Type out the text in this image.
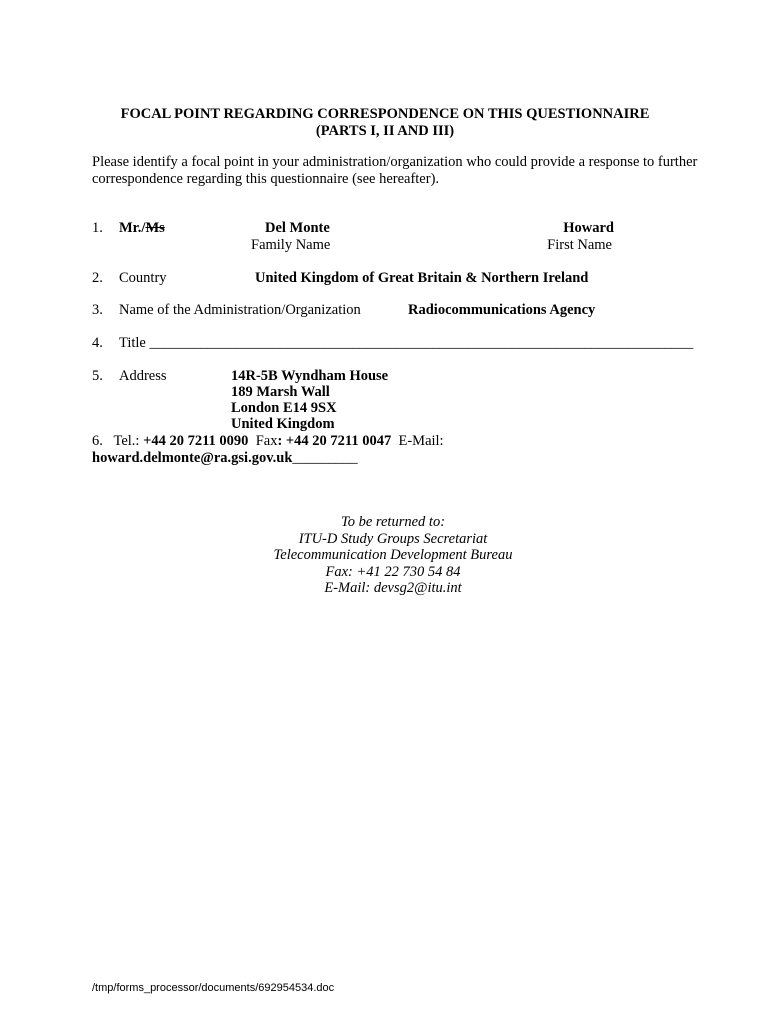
FOCAL POINT REGARDING CORRESPONDENCE ON THIS QUESTIONNAIRE
(PARTS I, II AND III)
Please identify a focal point in your administration/organization who could provide a response to further correspondence regarding this questionnaire (see hereafter).
1. Mr./Ms	Del Monte
Family Name
Howard
First Name
2. Country	United Kingdom of Great Britain & Northern Ireland
3. Name of the Administration/Organization	Radiocommunications Agency
4. Title ___________________________________________________________________________
5. Address	14R-5B Wyndham House
189 Marsh Wall
London E14 9SX
United Kingdom
6. Tel.: +44 20 7211 0090 Fax: +44 20 7211 0047 E-Mail:
howard.delmonte@ra.gsi.gov.uk_________
To be returned to:
ITU-D Study Groups Secretariat
Telecommunication Development Bureau
Fax: +41 22 730 54 84
E-Mail: devsg2@itu.int
/tmp/forms_processor/documents/692954534.doc
